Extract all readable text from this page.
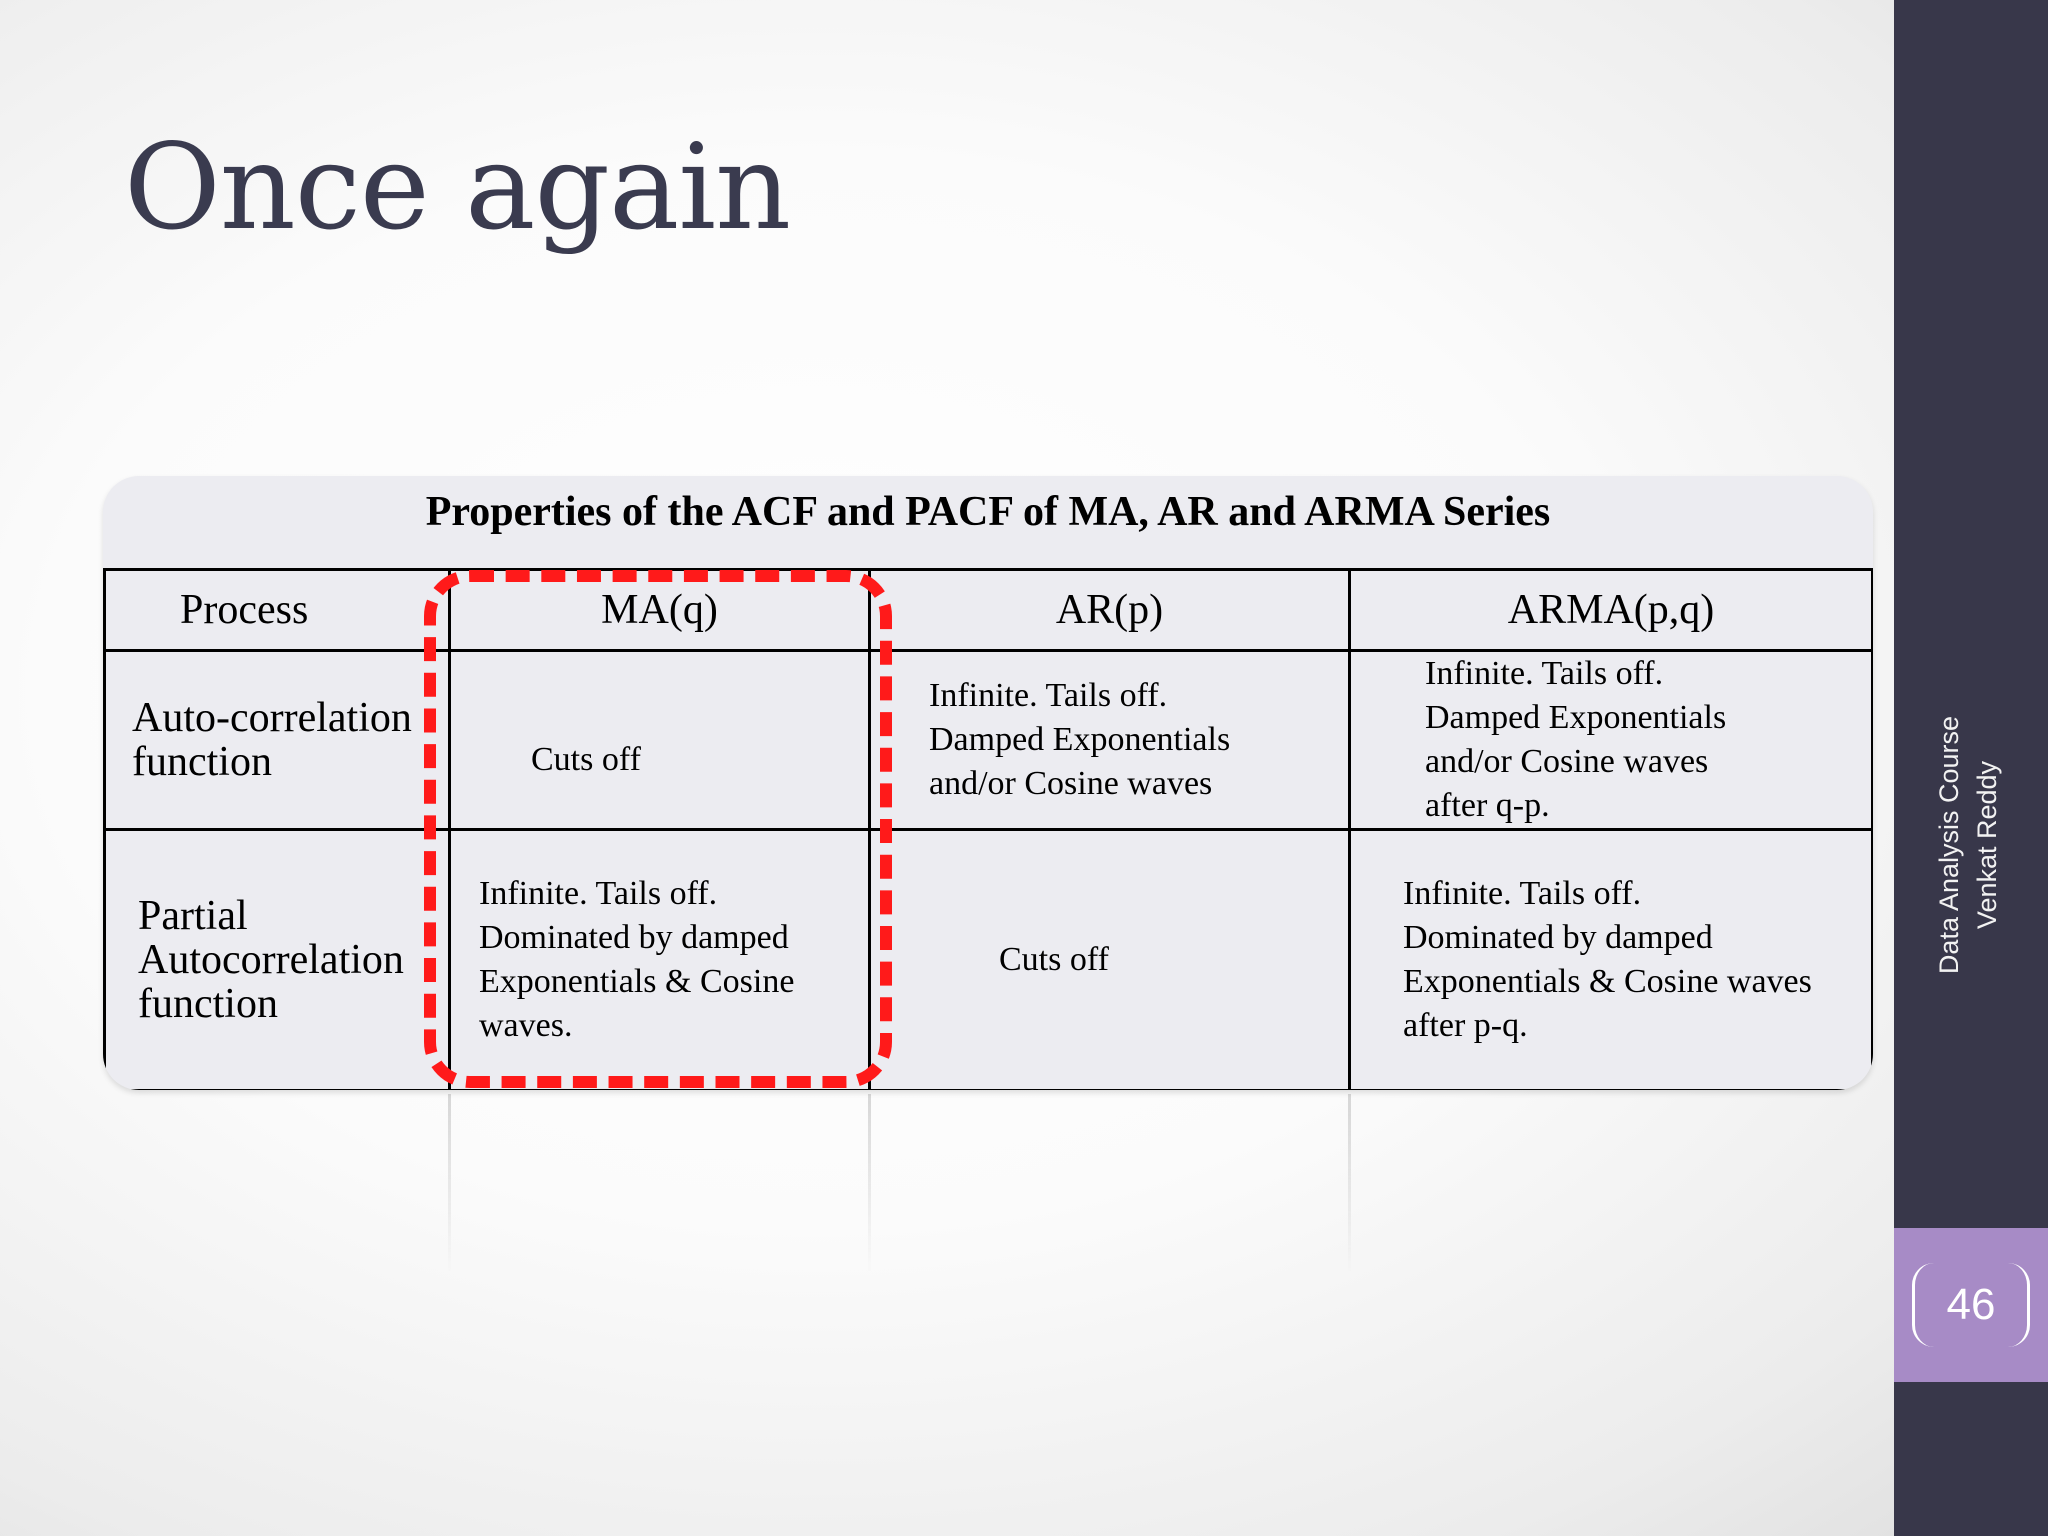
Once again
Data Analysis Course Venkat Reddy
46
Properties of the ACF and PACF of MA, AR and ARMA Series
Process	MA(q)	AR(p)	ARMA(p,q)

Auto-correlation
function	Cuts off	Infinite. Tails off.
Damped Exponentials
and/or Cosine waves	Infinite. Tails off.
Damped Exponentials
and/or Cosine waves
after q-p.

Partial
Autocorrelation
function	Infinite. Tails off.
Dominated by damped
Exponentials & Cosine
waves.	Cuts off	Infinite. Tails off.
Dominated by damped
Exponentials & Cosine waves
after p-q.
